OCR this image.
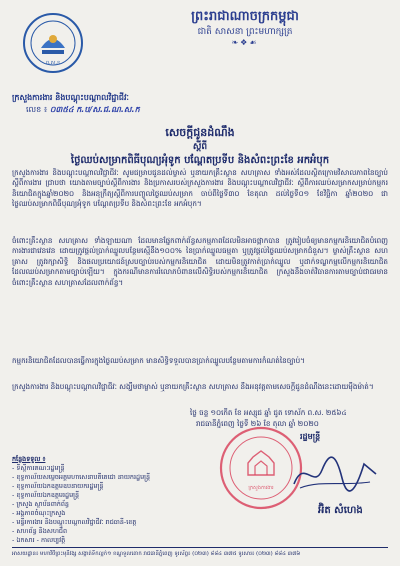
ព.ស.ខ
ព្រះរាជាណាចក្រកម្ពុជា
ជាតិ សាសនា ព្រះមហាក្សត្រ
❧❖☙
ក្រសួងការងារ និងបណ្តុះបណ្តាលវិជ្ជាជីវៈ
លេខ ៖ ០៣៥៤ ក.ប/ស.ជ.ណ.ស.ក
សេចក្តីជូនដំណឹង
ស្តីពី
ថ្ងៃឈប់សម្រាកពិធីបុណ្យអុំទូក បណ្តែតប្រទីប និងសំពះព្រះខែ អកអំបុក
ក្រសួងការងារ និងបណ្តុះបណ្តាលវិជ្ជាជីវៈ សូមជម្រាបជូនដល់ម្ចាស់ ឬនាយកគ្រឹះស្ថាន សហគ្រាស ទាំងអស់ដែលស្ថិតក្រោមវិសាលភាពនៃច្បាប់ស្តីពីការងារ ជ្រាបថា យោងតាមច្បាប់ស្តីពីការងារ និងប្រកាសរបស់ក្រសួងការងារ និងបណ្តុះបណ្តាលវិជ្ជាជីវៈ ស្តីពីការឈប់សម្រាកសម្រាប់កម្មករនិយោជិតក្នុងឆ្នាំ២០២០ និងអនុក្រឹត្យស្តីពីការបញ្ចូលថ្ងៃឈប់សម្រាក ចាប់ពីថ្ងៃទី៣០ ខែតុលា ដល់ថ្ងៃទី០១ ខែវិច្ឆិកា ឆ្នាំ២០២០ ជាថ្ងៃឈប់សម្រាកពិធីបុណ្យអុំទូក បណ្តែតប្រទីប និងសំពះព្រះខែ អកអំបុក។
ចំពោះគ្រឹះស្ថាន សហគ្រាស ទាំងឡាយណា ដែលមានផ្នែកពាក់ព័ន្ធសកម្មភាពដែលមិនអាចផ្អាកបាន ត្រូវរៀបចំឲ្យមានកម្មករនិយោជិតបំពេញការងារជាវេនវេន ដោយត្រូវផ្តល់ប្រាក់ឈ្នួលបន្ថែមស្មើនឹង១០០%​ នៃប្រាក់ឈ្នួលធម្មតា ឬត្រូវផ្តល់ថ្ងៃឈប់សម្រាកជំនួស។ ម្ចាស់គ្រឹះស្ថាន សហគ្រាស ត្រូវរក្សាសិទ្ធិ និងផលប្រយោជន៍ស្របច្បាប់របស់កម្មករនិយោជិត ដោយមិនត្រូវកាត់ប្រាក់ឈ្នួល ឬដាក់ទណ្ឌកម្មលើកម្មករនិយោជិតដែលឈប់សម្រាកតាមច្បាប់ឡើយ។ ក្នុងករណីមានការរំលោភបំពានលើសិទ្ធិរបស់កម្មករនិយោជិត ក្រសួងនឹងចាត់វិធានការតាមច្បាប់ជាធរមាន ចំពោះគ្រឹះស្ថាន សហគ្រាសដែលពាក់ព័ន្ធ។
កម្មករនិយោជិតដែលបានធ្វើការក្នុងថ្ងៃឈប់សម្រាក មានសិទ្ធិទទួលបានប្រាក់ឈ្នួលបន្ថែមតាមការកំណត់នៃច្បាប់។
ក្រសួងការងារ និងបណ្តុះបណ្តាលវិជ្ជាជីវៈ សង្ឃឹមថាម្ចាស់ ឬនាយកគ្រឹះស្ថាន សហគ្រាស នឹងអនុវត្តតាមសេចក្តីជូនដំណឹងនេះដោយម៉ឺងម៉ាត់។
ថ្ងៃ ចន្ទ ១០កើត ខែ អស្សុជ ឆ្នាំ ជូត ទោស័ក ព.ស. ២៥៦៤
រាជធានីភ្នំពេញ ថ្ងៃទី ២៦ ខែ តុលា ឆ្នាំ ២០២០
ក្រសួងការងារ
រដ្ឋមន្ត្រី
អ៊ិត សំហេង
កន្លែងទទួល ៖
- ទីស្តីការគណៈរដ្ឋមន្ត្រី
- ខុទ្ទកាល័យសម្តេចអគ្គមហាសេនាបតីតេជោ នាយករដ្ឋមន្ត្រី
- ខុទ្ទកាល័យឯកឧត្តមឧបនាយករដ្ឋមន្ត្រី
- ខុទ្ទកាល័យឯកឧត្តមរដ្ឋមន្ត្រី
- ក្រសួង ស្ថាប័នពាក់ព័ន្ធ
- អង្គភាពចំណុះក្រសួង
- មន្ទីរការងារ និងបណ្តុះបណ្តាលវិជ្ជាជីវៈ រាជធានី-ខេត្ត
- សហព័ន្ធ និងសហជីព
- ឯកសារ - កាលប្បវត្តិ
អាសយដ្ឋាន៖ មហាវិថីព្រះមុនីវង្ស សង្កាត់ទឹកល្អក់១ ខណ្ឌទួលគោក រាជធានីភ្នំពេញ ទូរស័ព្ទ៖ (០២៣) ៨៨៤ ៣៧៥ ទូរសារ៖ (០២៣) ៨៨៤ ៣៧៦
